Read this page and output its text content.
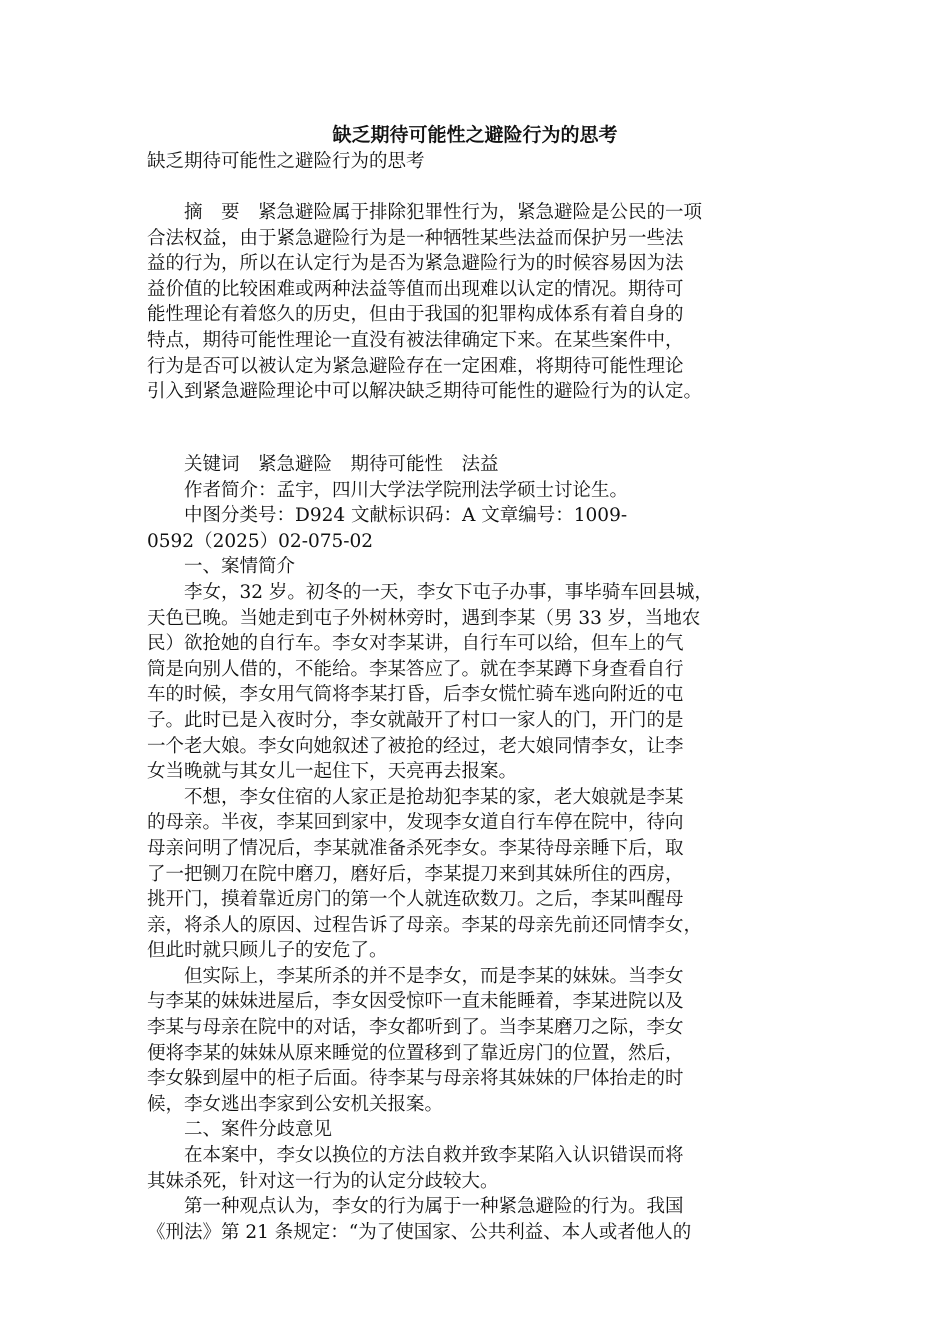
缺乏期待可能性之避险行为的思考
缺乏期待可能性之避险行为的思考
　　摘　要　紧急避险属于排除犯罪性行为，紧急避险是公民的一项
合法权益，由于紧急避险行为是一种牺牲某些法益而保护另一些法
益的行为，所以在认定行为是否为紧急避险行为的时候容易因为法
益价值的比较困难或两种法益等值而出现难以认定的情况。期待可
能性理论有着悠久的历史，但由于我国的犯罪构成体系有着自身的
特点，期待可能性理论一直没有被法律确定下来。在某些案件中，
行为是否可以被认定为紧急避险存在一定困难，将期待可能性理论
引入到紧急避险理论中可以解决缺乏期待可能性的避险行为的认定。
　　关键词　紧急避险　期待可能性　法益
　　作者简介：孟宇，四川大学法学院刑法学硕士讨论生。
　　中图分类号：D924 文献标识码：A 文章编号：1009-
0592（2025）02-075-02
　　一、案情简介
　　李女，32 岁。初冬的一天，李女下屯子办事，事毕骑车回县城，
天色已晚。当她走到屯子外树林旁时，遇到李某（男 33 岁，当地农
民）欲抢她的自行车。李女对李某讲，自行车可以给，但车上的气
筒是向别人借的，不能给。李某答应了。就在李某蹲下身查看自行
车的时候，李女用气筒将李某打昏，后李女慌忙骑车逃向附近的屯
子。此时已是入夜时分，李女就敲开了村口一家人的门，开门的是
一个老大娘。李女向她叙述了被抢的经过，老大娘同情李女，让李
女当晚就与其女儿一起住下，天亮再去报案。
　　不想，李女住宿的人家正是抢劫犯李某的家，老大娘就是李某
的母亲。半夜，李某回到家中，发现李女道自行车停在院中，待向
母亲问明了情况后，李某就准备杀死李女。李某待母亲睡下后，取
了一把铡刀在院中磨刀，磨好后，李某提刀来到其妹所住的西房，
挑开门，摸着靠近房门的第一个人就连砍数刀。之后，李某叫醒母
亲，将杀人的原因、过程告诉了母亲。李某的母亲先前还同情李女，
但此时就只顾儿子的安危了。
　　但实际上，李某所杀的并不是李女，而是李某的妹妹。当李女
与李某的妹妹进屋后，李女因受惊吓一直未能睡着，李某进院以及
李某与母亲在院中的对话，李女都听到了。当李某磨刀之际，李女
便将李某的妹妹从原来睡觉的位置移到了靠近房门的位置，然后，
李女躲到屋中的柜子后面。待李某与母亲将其妹妹的尸体抬走的时
候，李女逃出李家到公安机关报案。
　　二、案件分歧意见
　　在本案中，李女以换位的方法自救并致李某陷入认识错误而将
其妹杀死，针对这一行为的认定分歧较大。
　　第一种观点认为，李女的行为属于一种紧急避险的行为。我国
《刑法》第 21 条规定：“为了使国家、公共利益、本人或者他人的
